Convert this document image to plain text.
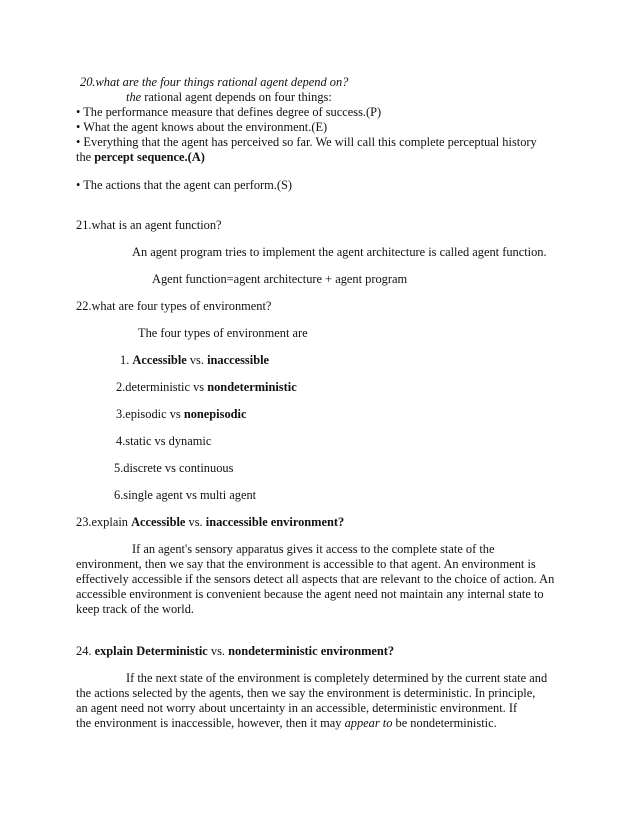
20.what are the four things rational agent depend on?

the rational agent depends on four things:

• The performance measure that defines degree of success.(P)

• What the agent knows about the environment.(E)

• Everything that the agent has perceived so far. We will call this complete perceptual history

the percept sequence.(A)

• The actions that the agent can perform.(S)

21.what is an agent function?

An agent program tries to implement the agent architecture is called agent function.

Agent function=agent architecture + agent program

22.what are four types of environment?

The four types of environment are

1. Accessible vs. inaccessible

2.deterministic vs nondeterministic

3.episodic vs nonepisodic

4.static vs dynamic

5.discrete vs continuous

6.single agent vs multi agent

23.explain Accessible vs. inaccessible environment?

If an agent's sensory apparatus gives it access to the complete state of the

environment, then we say that the environment is accessible to that agent. An environment is

effectively accessible if the sensors detect all aspects that are relevant to the choice of action. An

accessible environment is convenient because the agent need not maintain any internal state to

keep track of the world.

24. explain Deterministic vs. nondeterministic environment?

If the next state of the environment is completely determined by the current state and

the actions selected by the agents, then we say the environment is deterministic. In principle,

an agent need not worry about uncertainty in an accessible, deterministic environment. If

the environment is inaccessible, however, then it may appear to be nondeterministic.
